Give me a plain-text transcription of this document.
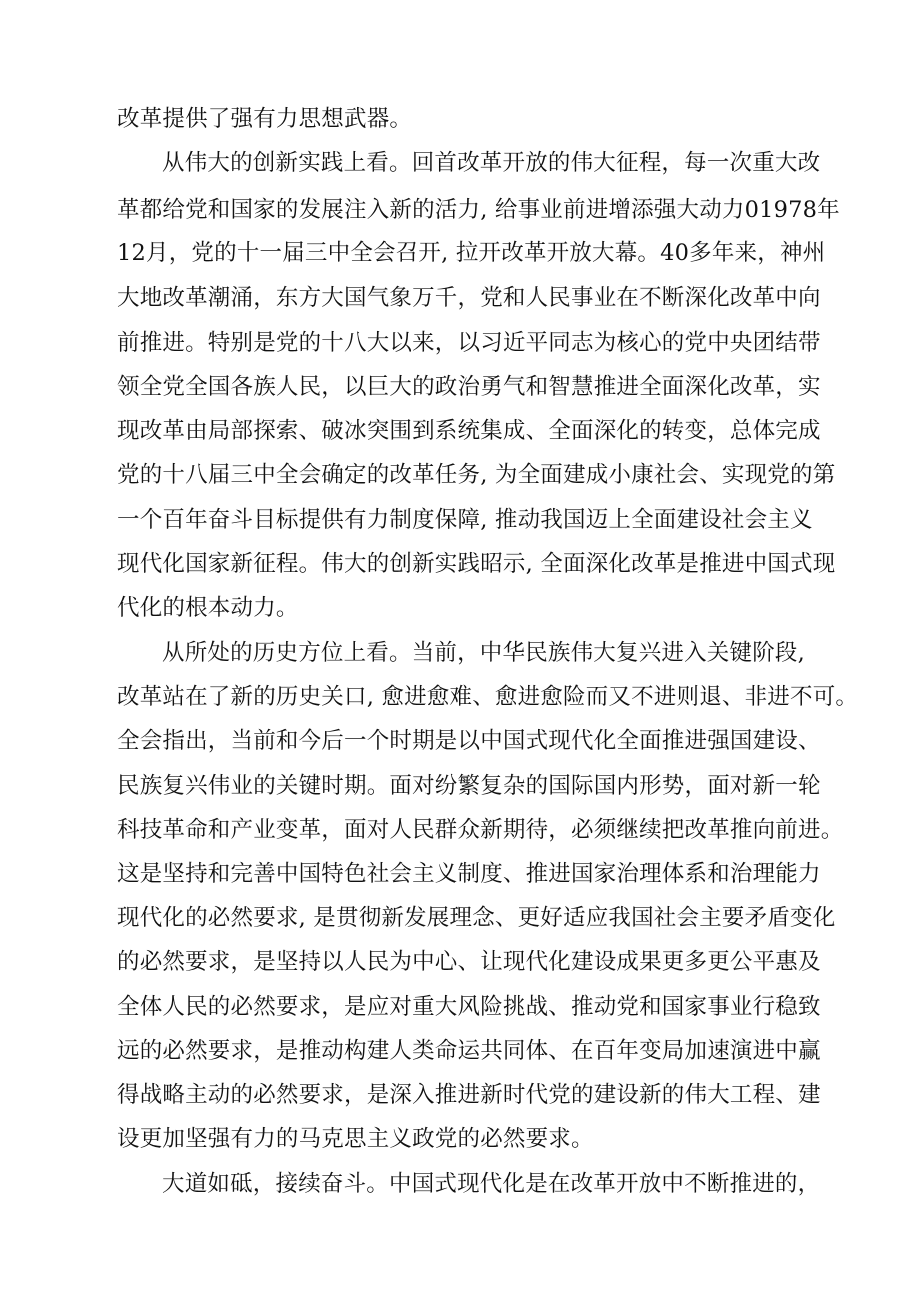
改革提供了强有力思想武器。
从伟大的创新实践上看。回首改革开放的伟大征程，每一次重大改
革都给党和国家的发展注入新的活力, 给事业前进增添强大动力01978年
12月，党的十一届三中全会召开, 拉开改革开放大幕。40多年来，神州
大地改革潮涌，东方大国气象万千，党和人民事业在不断深化改革中向
前推进。特别是党的十八大以来，以习近平同志为核心的党中央团结带
领全党全国各族人民，以巨大的政治勇气和智慧推进全面深化改革，实
现改革由局部探索、破冰突围到系统集成、全面深化的转变，总体完成
党的十八届三中全会确定的改革任务, 为全面建成小康社会、实现党的第
一个百年奋斗目标提供有力制度保障, 推动我国迈上全面建设社会主义
现代化国家新征程。伟大的创新实践昭示, 全面深化改革是推进中国式现
代化的根本动力。
从所处的历史方位上看。当前，中华民族伟大复兴进入关键阶段,
改革站在了新的历史关口, 愈进愈难、愈进愈险而又不进则退、非进不可。
全会指出，当前和今后一个时期是以中国式现代化全面推进强国建设、
民族复兴伟业的关键时期。面对纷繁复杂的国际国内形势，面对新一轮
科技革命和产业变革，面对人民群众新期待，必须继续把改革推向前进。
这是坚持和完善中国特色社会主义制度、推进国家治理体系和治理能力
现代化的必然要求, 是贯彻新发展理念、更好适应我国社会主要矛盾变化
的必然要求，是坚持以人民为中心、让现代化建设成果更多更公平惠及
全体人民的必然要求，是应对重大风险挑战、推动党和国家事业行稳致
远的必然要求，是推动构建人类命运共同体、在百年变局加速演进中赢
得战略主动的必然要求，是深入推进新时代党的建设新的伟大工程、建
设更加坚强有力的马克思主义政党的必然要求。
大道如砥，接续奋斗。中国式现代化是在改革开放中不断推进的，
